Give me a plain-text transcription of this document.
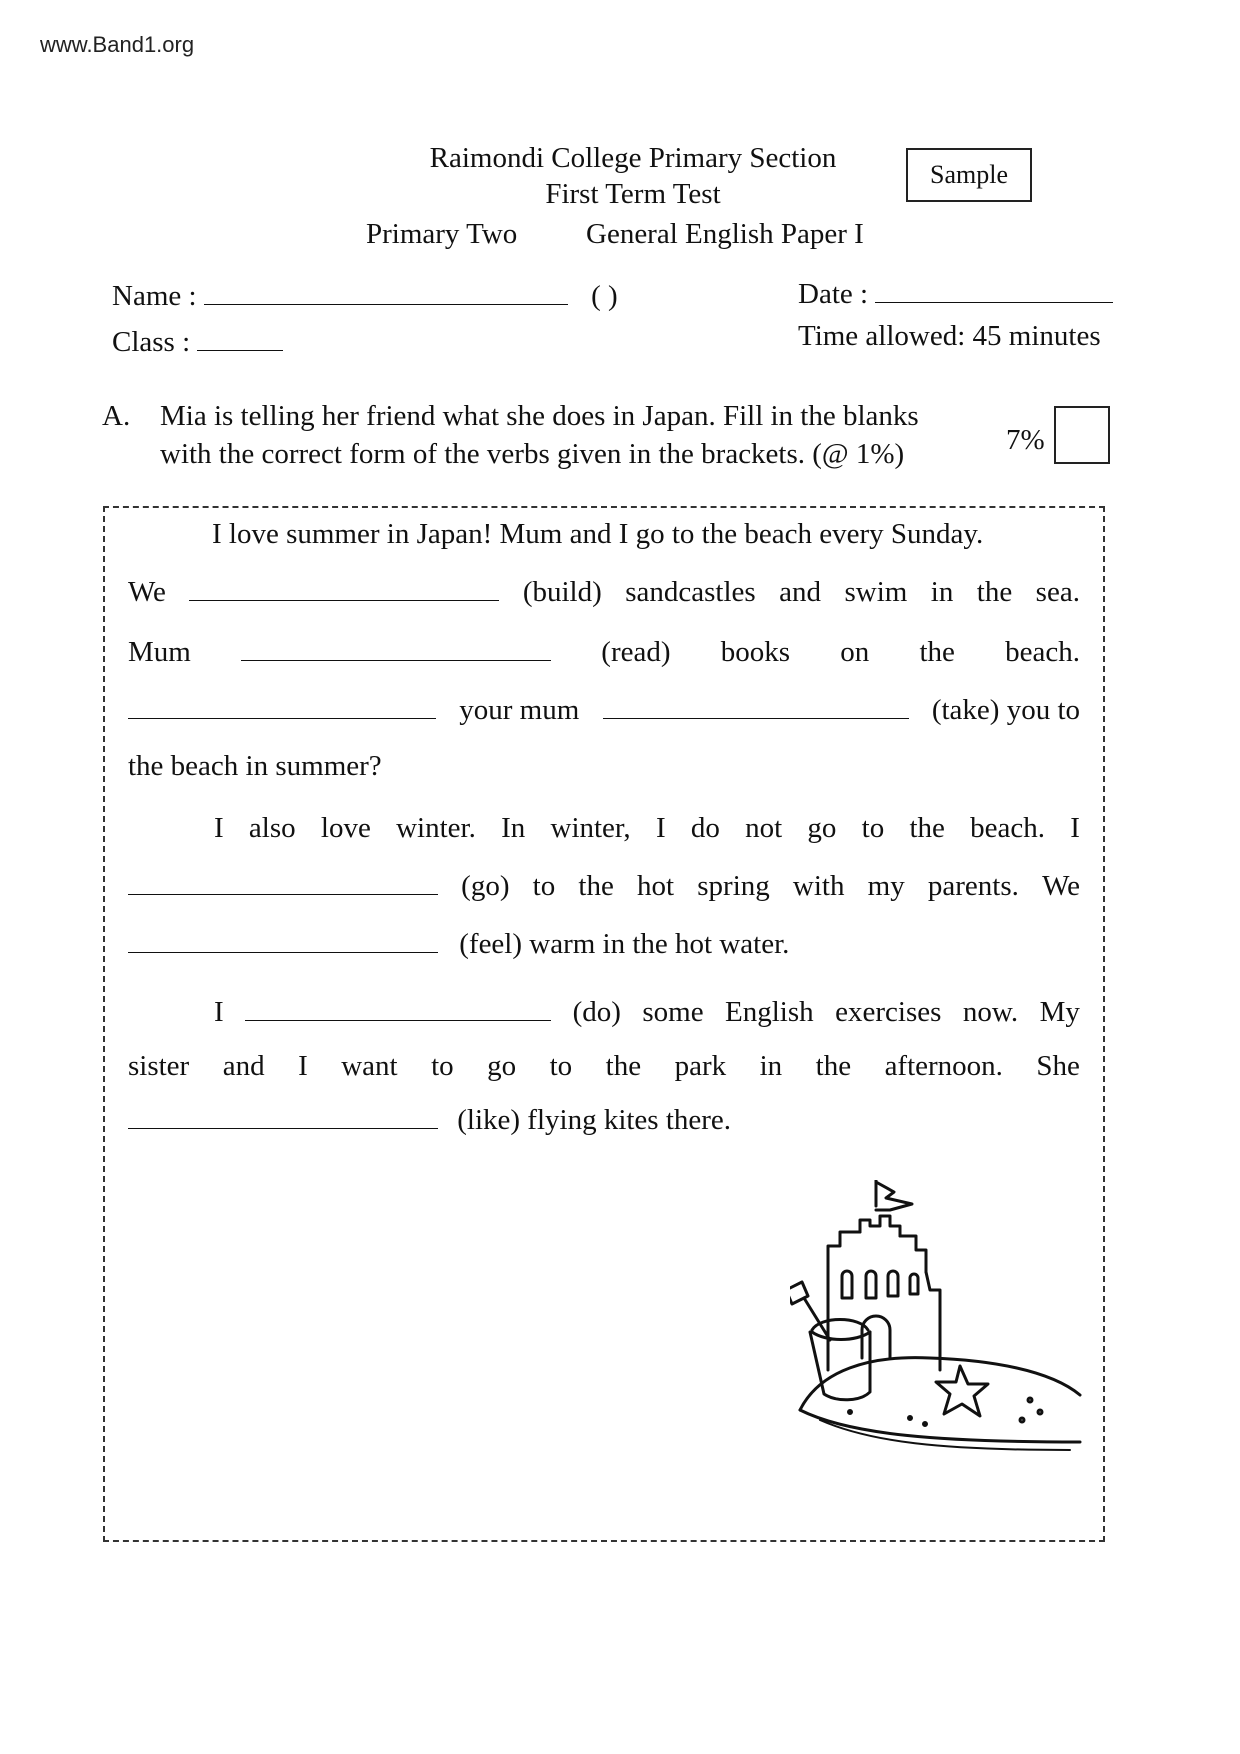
www.Band1.org
Raimondi College Primary Section
First Term Test
Primary Two General English Paper I
Sample
Name :	( )	Date :
Class :	Time allowed: 45 minutes
A. Mia is telling her friend what she does in Japan. Fill in the blanks
with the correct form of the verbs given in the brackets. (@ 1%)	7%
I love summer in Japan! Mum and I go to the beach every Sunday.
We	(build) sandcastles and swim in the sea.
Mum	(read) books on the beach.
your mum	(take) you to
the beach in summer?
I also love winter. In winter, I do not go to the beach. I
(go) to the hot spring with my parents. We
(feel) warm in the hot water.
I	(do) some English exercises now. My
sister and I want to go to the park in the afternoon. She
(like) flying kites there.
